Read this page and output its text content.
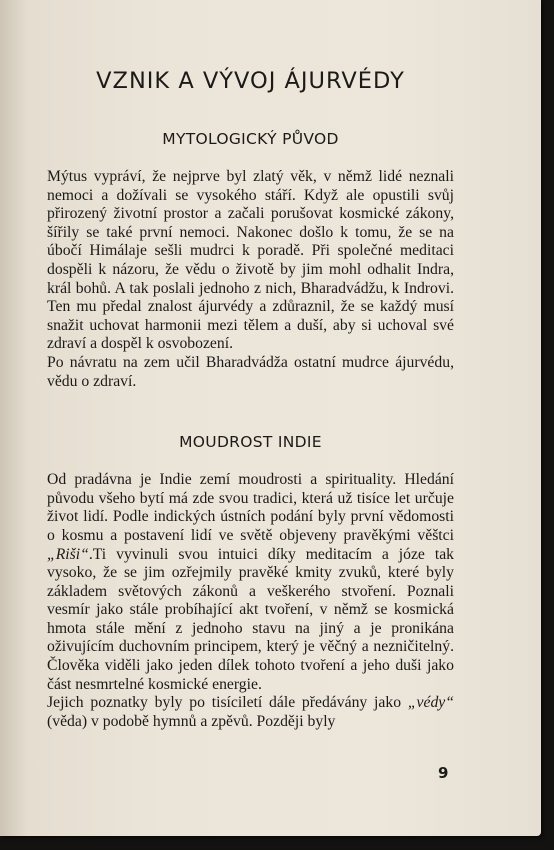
VZNIK A VÝVOJ ÁJURVÉDY
MYTOLOGICKÝ PŮVOD

Mýtus vypráví, že nejprve byl zlatý věk, v němž lidé neznali nemoci a dožívali se vysokého stáří. Když ale opustili svůj přirozený životní prostor a začali porušovat kosmické zákony, šířily se také první nemoci. Nakonec došlo k tomu, že se na úbočí Himálaje sešli mudrci k poradě. Při společné meditaci dospěli k názoru, že vědu o životě by jim mohl odhalit Indra, král bohů. A tak poslali jednoho z nich, Bharadvádžu, k Indrovi. Ten mu předal znalost ájurvédy a zdůraznil, že se každý musí snažit uchovat harmonii mezi tělem a duší, aby si uchoval své zdraví a dospěl k osvobození.

Po návratu na zem učil Bharadvádža ostatní mudrce ájurvédu, vědu o zdraví.

MOUDROST INDIE

Od pradávna je Indie zemí moudrosti a spirituality. Hledání původu všeho bytí má zde svou tradici, která už tisíce let určuje život lidí. Podle indických ústních podání byly první vědomosti o kosmu a postavení lidí ve světě objeveny pravěkými věštci „Riši“.Ti vyvinuli svou intuici díky meditacím a józe tak vysoko, že se jim ozřejmily pravěké kmity zvuků, které byly základem světových zákonů a veškerého stvoření. Poznali vesmír jako stále probíhající akt tvoření, v němž se kosmická hmota stále mění z jednoho stavu na jiný a je pronikána oživujícím duchovním principem, který je věčný a nezničitelný. Člověka viděli jako jeden dílek tohoto tvoření a jeho duši jako část nesmrtelné kosmické energie.

Jejich poznatky byly po tisíciletí dále předávány jako „védy“ (věda) v podobě hymnů a zpěvů. Později byly

9
